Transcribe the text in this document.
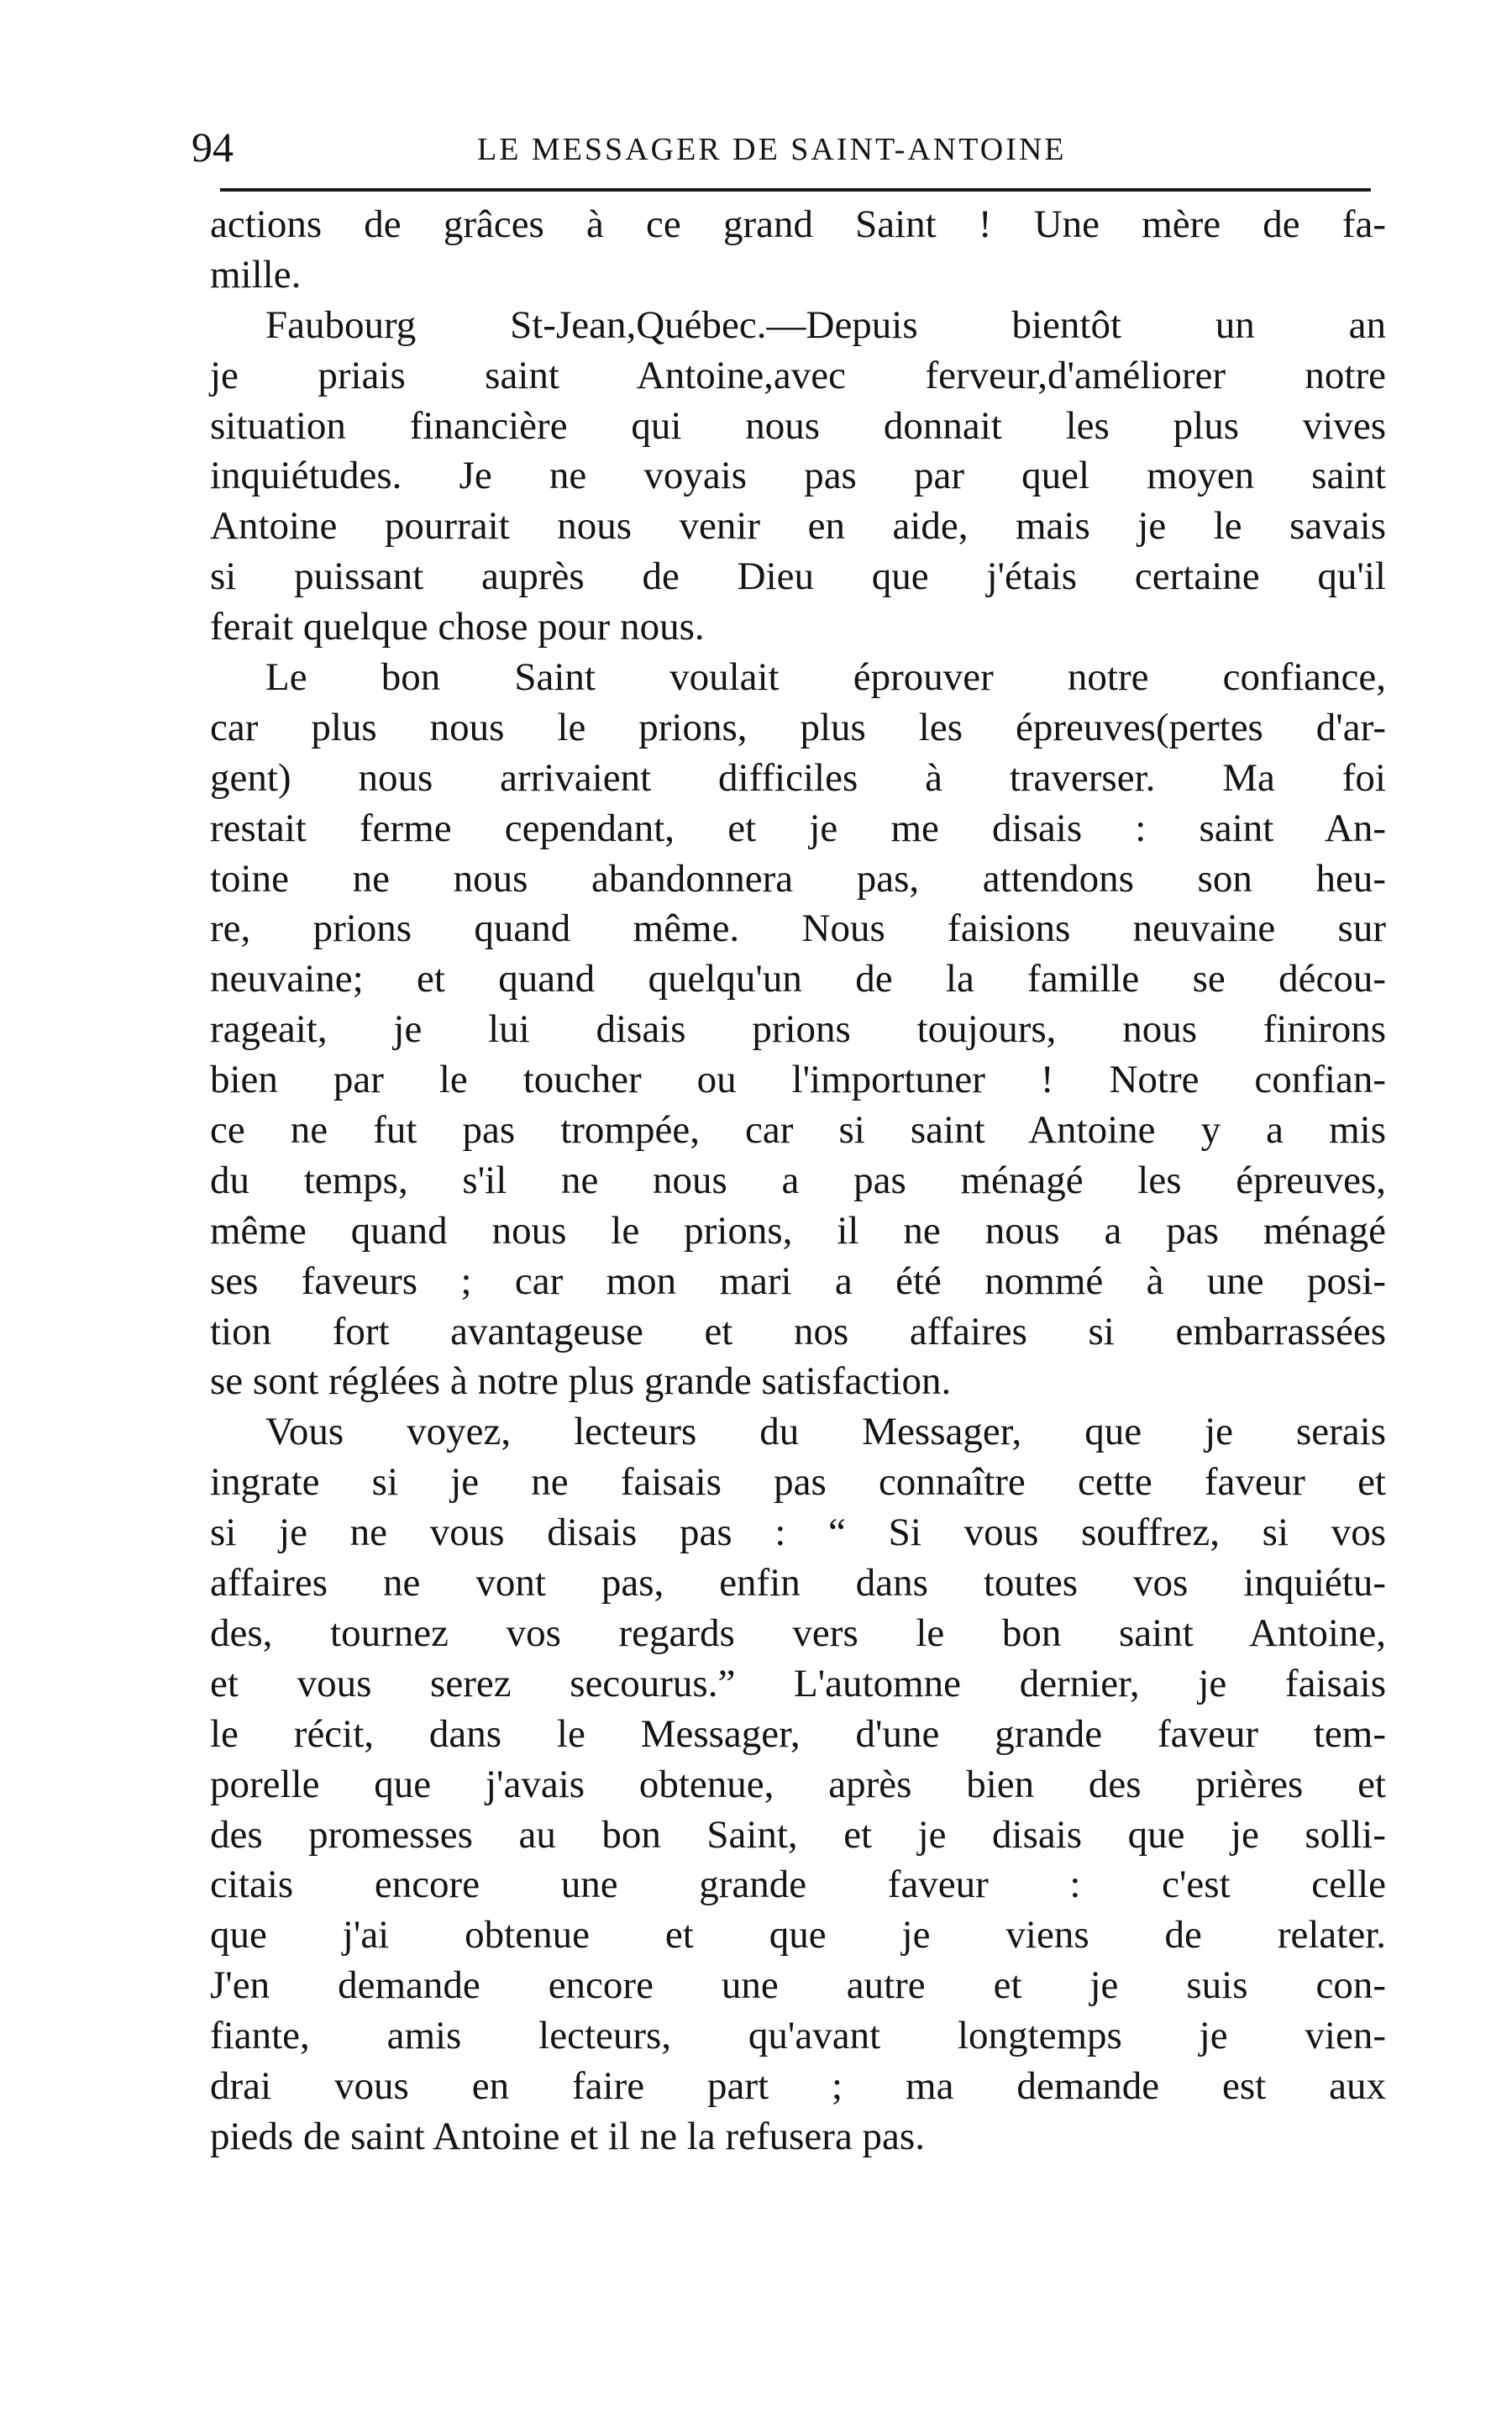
94	LE MESSAGER DE SAINT-ANTOINE
actions de grâces à ce grand Saint ! Une mère de fa-
mille.
Faubourg St-Jean,Québec.—Depuis bientôt un an
je priais saint Antoine,avec ferveur,d'améliorer notre
situation financière qui nous donnait les plus vives
inquiétudes. Je ne voyais pas par quel moyen saint
Antoine pourrait nous venir en aide, mais je le savais
si puissant auprès de Dieu que j'étais certaine qu'il
ferait quelque chose pour nous.
Le bon Saint voulait éprouver notre confiance,
car plus nous le prions, plus les épreuves(pertes d'ar-
gent) nous arrivaient difficiles à traverser. Ma foi
restait ferme cependant, et je me disais : saint An-
toine ne nous abandonnera pas, attendons son heu-
re, prions quand même. Nous faisions neuvaine sur
neuvaine; et quand quelqu'un de la famille se décou-
rageait, je lui disais prions toujours, nous finirons
bien par le toucher ou l'importuner ! Notre confian-
ce ne fut pas trompée, car si saint Antoine y a mis
du temps, s'il ne nous a pas ménagé les épreuves,
même quand nous le prions, il ne nous a pas ménagé
ses faveurs ; car mon mari a été nommé à une posi-
tion fort avantageuse et nos affaires si embarrassées
se sont réglées à notre plus grande satisfaction.
Vous voyez, lecteurs du Messager, que je serais
ingrate si je ne faisais pas connaître cette faveur et
si je ne vous disais pas : “ Si vous souffrez, si vos
affaires ne vont pas, enfin dans toutes vos inquiétu-
des, tournez vos regards vers le bon saint Antoine,
et vous serez secourus.” L'automne dernier, je faisais
le récit, dans le Messager, d'une grande faveur tem-
porelle que j'avais obtenue, après bien des prières et
des promesses au bon Saint, et je disais que je solli-
citais encore une grande faveur : c'est celle
que j'ai obtenue et que je viens de relater.
J'en demande encore une autre et je suis con-
fiante, amis lecteurs, qu'avant longtemps je vien-
drai vous en faire part ; ma demande est aux
pieds de saint Antoine et il ne la refusera pas.
